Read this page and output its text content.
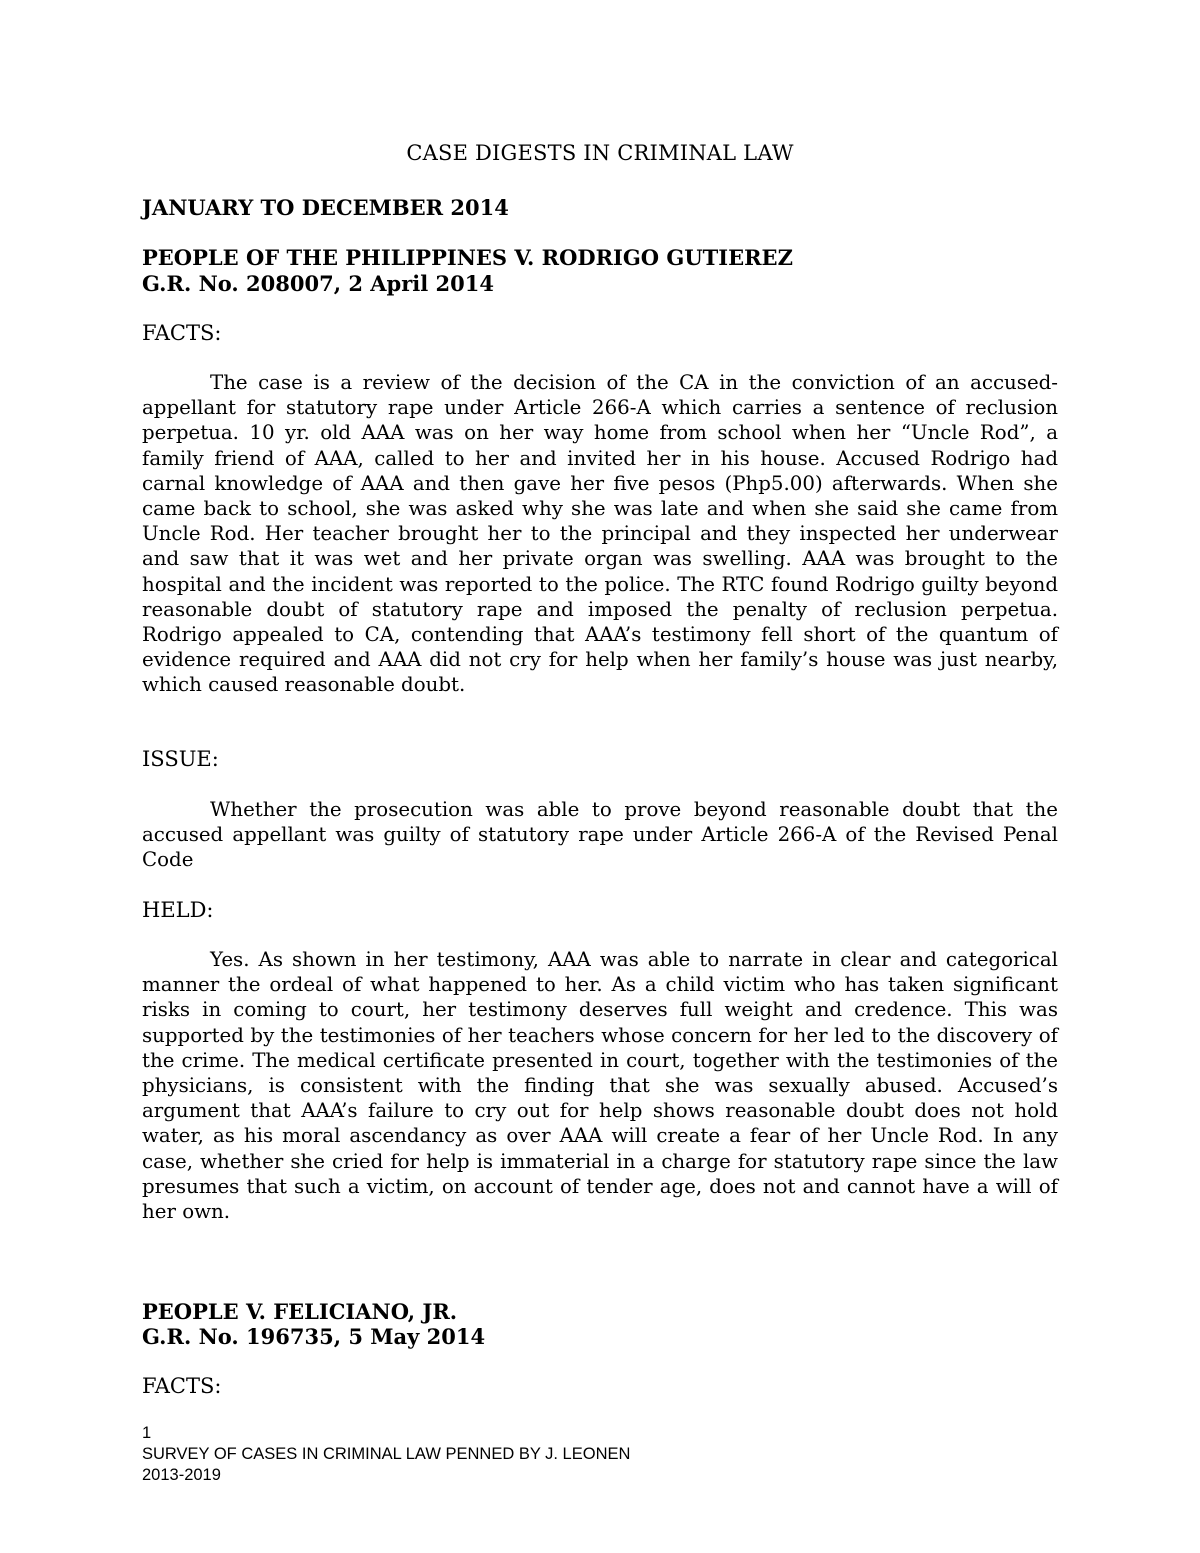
CASE DIGESTS IN CRIMINAL LAW
JANUARY TO DECEMBER 2014
PEOPLE OF THE PHILIPPINES V. RODRIGO GUTIEREZ
G.R. No. 208007, 2 April 2014
FACTS:
The case is a review of the decision of the CA in the conviction of an accused-appellant for statutory rape under Article 266-A which carries a sentence of reclusion perpetua. 10 yr. old AAA was on her way home from school when her “Uncle Rod”, a family friend of AAA, called to her and invited her in his house. Accused Rodrigo had carnal knowledge of AAA and then gave her five pesos (Php5.00) afterwards. When she came back to school, she was asked why she was late and when she said she came from Uncle Rod. Her teacher brought her to the principal and they inspected her underwear and saw that it was wet and her private organ was swelling. AAA was brought to the hospital and the incident was reported to the police. The RTC found Rodrigo guilty beyond reasonable doubt of statutory rape and imposed the penalty of reclusion perpetua. Rodrigo appealed to CA, contending that AAA’s testimony fell short of the quantum of evidence required and AAA did not cry for help when her family’s house was just nearby, which caused reasonable doubt.
ISSUE:
Whether the prosecution was able to prove beyond reasonable doubt that the accused appellant was guilty of statutory rape under Article 266-A of the Revised Penal Code
HELD:
Yes. As shown in her testimony, AAA was able to narrate in clear and categorical manner the ordeal of what happened to her. As a child victim who has taken significant risks in coming to court, her testimony deserves full weight and credence. This was supported by the testimonies of her teachers whose concern for her led to the discovery of the crime. The medical certificate presented in court, together with the testimonies of the physicians, is consistent with the finding that she was sexually abused. Accused’s argument that AAA’s failure to cry out for help shows reasonable doubt does not hold water, as his moral ascendancy as over AAA will create a fear of her Uncle Rod. In any case, whether she cried for help is immaterial in a charge for statutory rape since the law presumes that such a victim, on account of tender age, does not and cannot have a will of her own.
PEOPLE V. FELICIANO, JR.
G.R. No. 196735, 5 May 2014
FACTS:
1
SURVEY OF CASES IN CRIMINAL LAW PENNED BY J. LEONEN
2013-2019
